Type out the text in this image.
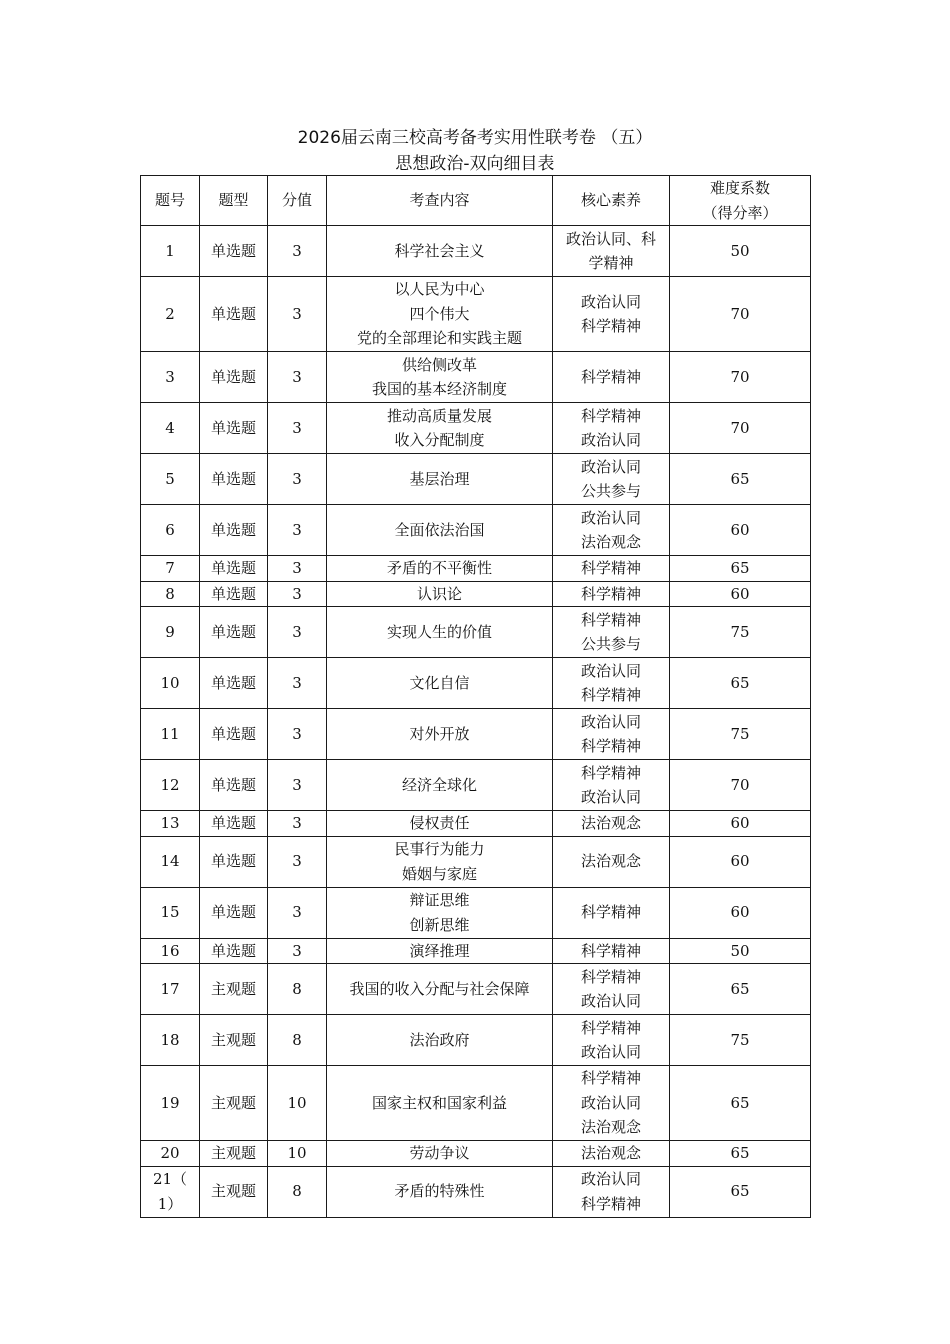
2026届云南三校高考备考实用性联考卷 （五）
思想政治-双向细目表
题号	题型	分值	考查内容	核心素养	难度系数
（得分率）
1	单选题	3	科学社会主义	政治认同、科
学精神	50
2	单选题	3	以人民为中心
四个伟大
党的全部理论和实践主题	政治认同
科学精神	70
3	单选题	3	供给侧改革
我国的基本经济制度	科学精神	70
4	单选题	3	推动高质量发展
收入分配制度	科学精神
政治认同	70
5	单选题	3	基层治理	政治认同
公共参与	65
6	单选题	3	全面依法治国	政治认同
法治观念	60
7	单选题	3	矛盾的不平衡性	科学精神	65
8	单选题	3	认识论	科学精神	60
9	单选题	3	实现人生的价值	科学精神
公共参与	75
10	单选题	3	文化自信	政治认同
科学精神	65
11	单选题	3	对外开放	政治认同
科学精神	75
12	单选题	3	经济全球化	科学精神
政治认同	70
13	单选题	3	侵权责任	法治观念	60
14	单选题	3	民事行为能力
婚姻与家庭	法治观念	60
15	单选题	3	辩证思维
创新思维	科学精神	60
16	单选题	3	演绎推理	科学精神	50
17	主观题	8	我国的收入分配与社会保障	科学精神
政治认同	65
18	主观题	8	法治政府	科学精神
政治认同	75
19	主观题	10	国家主权和国家利益	科学精神
政治认同
法治观念	65
20	主观题	10	劳动争议	法治观念	65
21（
1）	主观题	8	矛盾的特殊性	政治认同
科学精神	65
